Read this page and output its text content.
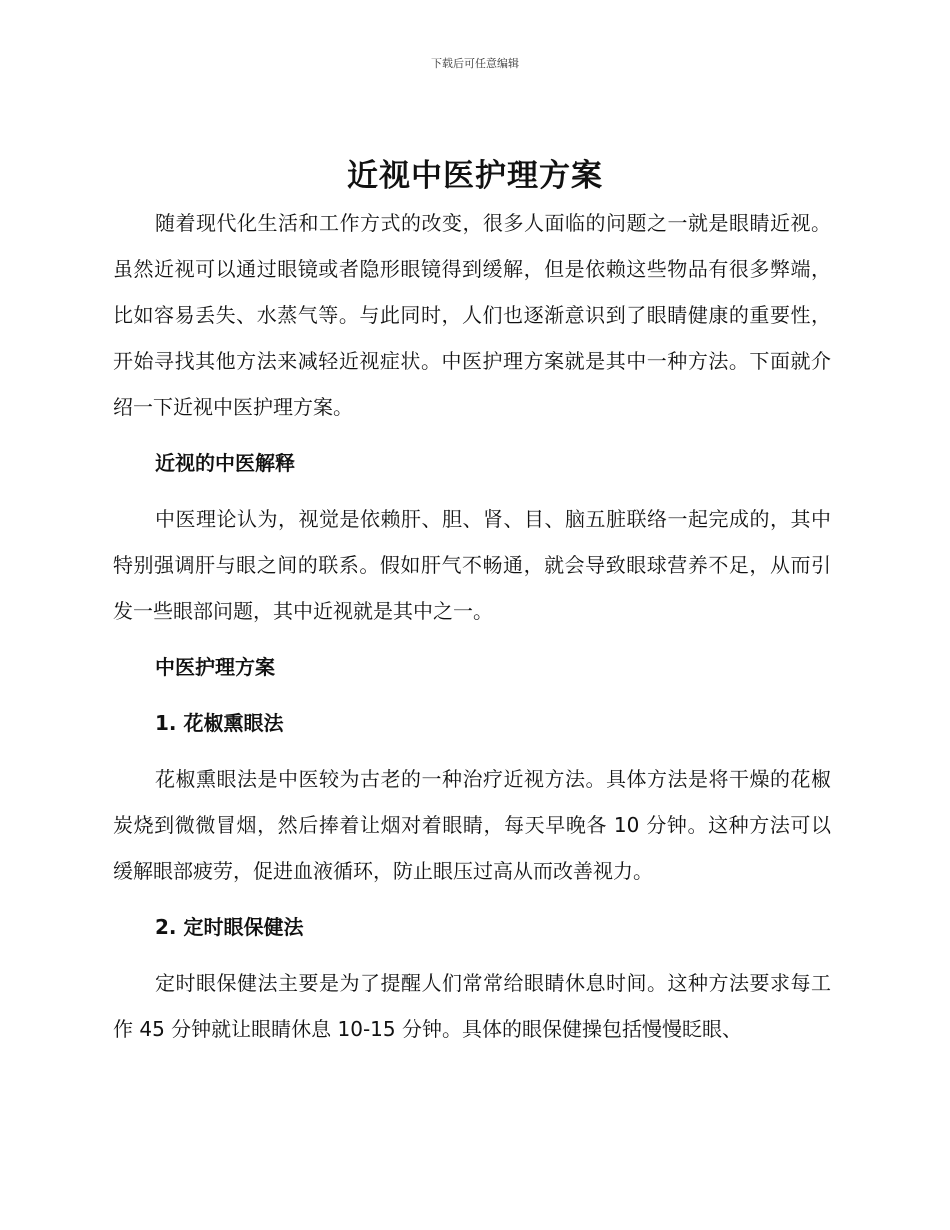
下载后可任意编辑
近视中医护理方案

随着现代化生活和工作方式的改变，很多人面临的问题之一就是眼睛近视。虽然近视可以通过眼镜或者隐形眼镜得到缓解，但是依赖这些物品有很多弊端，比如容易丢失、水蒸气等。与此同时，人们也逐渐意识到了眼睛健康的重要性，开始寻找其他方法来减轻近视症状。中医护理方案就是其中一种方法。下面就介绍一下近视中医护理方案。

近视的中医解释

中医理论认为，视觉是依赖肝、胆、肾、目、脑五脏联络一起完成的，其中特别强调肝与眼之间的联系。假如肝气不畅通，就会导致眼球营养不足，从而引发一些眼部问题，其中近视就是其中之一。

中医护理方案
1. 花椒熏眼法

花椒熏眼法是中医较为古老的一种治疗近视方法。具体方法是将干燥的花椒炭烧到微微冒烟，然后捧着让烟对着眼睛，每天早晚各 10 分钟。这种方法可以缓解眼部疲劳，促进血液循环，防止眼压过高从而改善视力。

2. 定时眼保健法

定时眼保健法主要是为了提醒人们常常给眼睛休息时间。这种方法要求每工作 45 分钟就让眼睛休息 10-15 分钟。具体的眼保健操包括慢慢眨眼、
